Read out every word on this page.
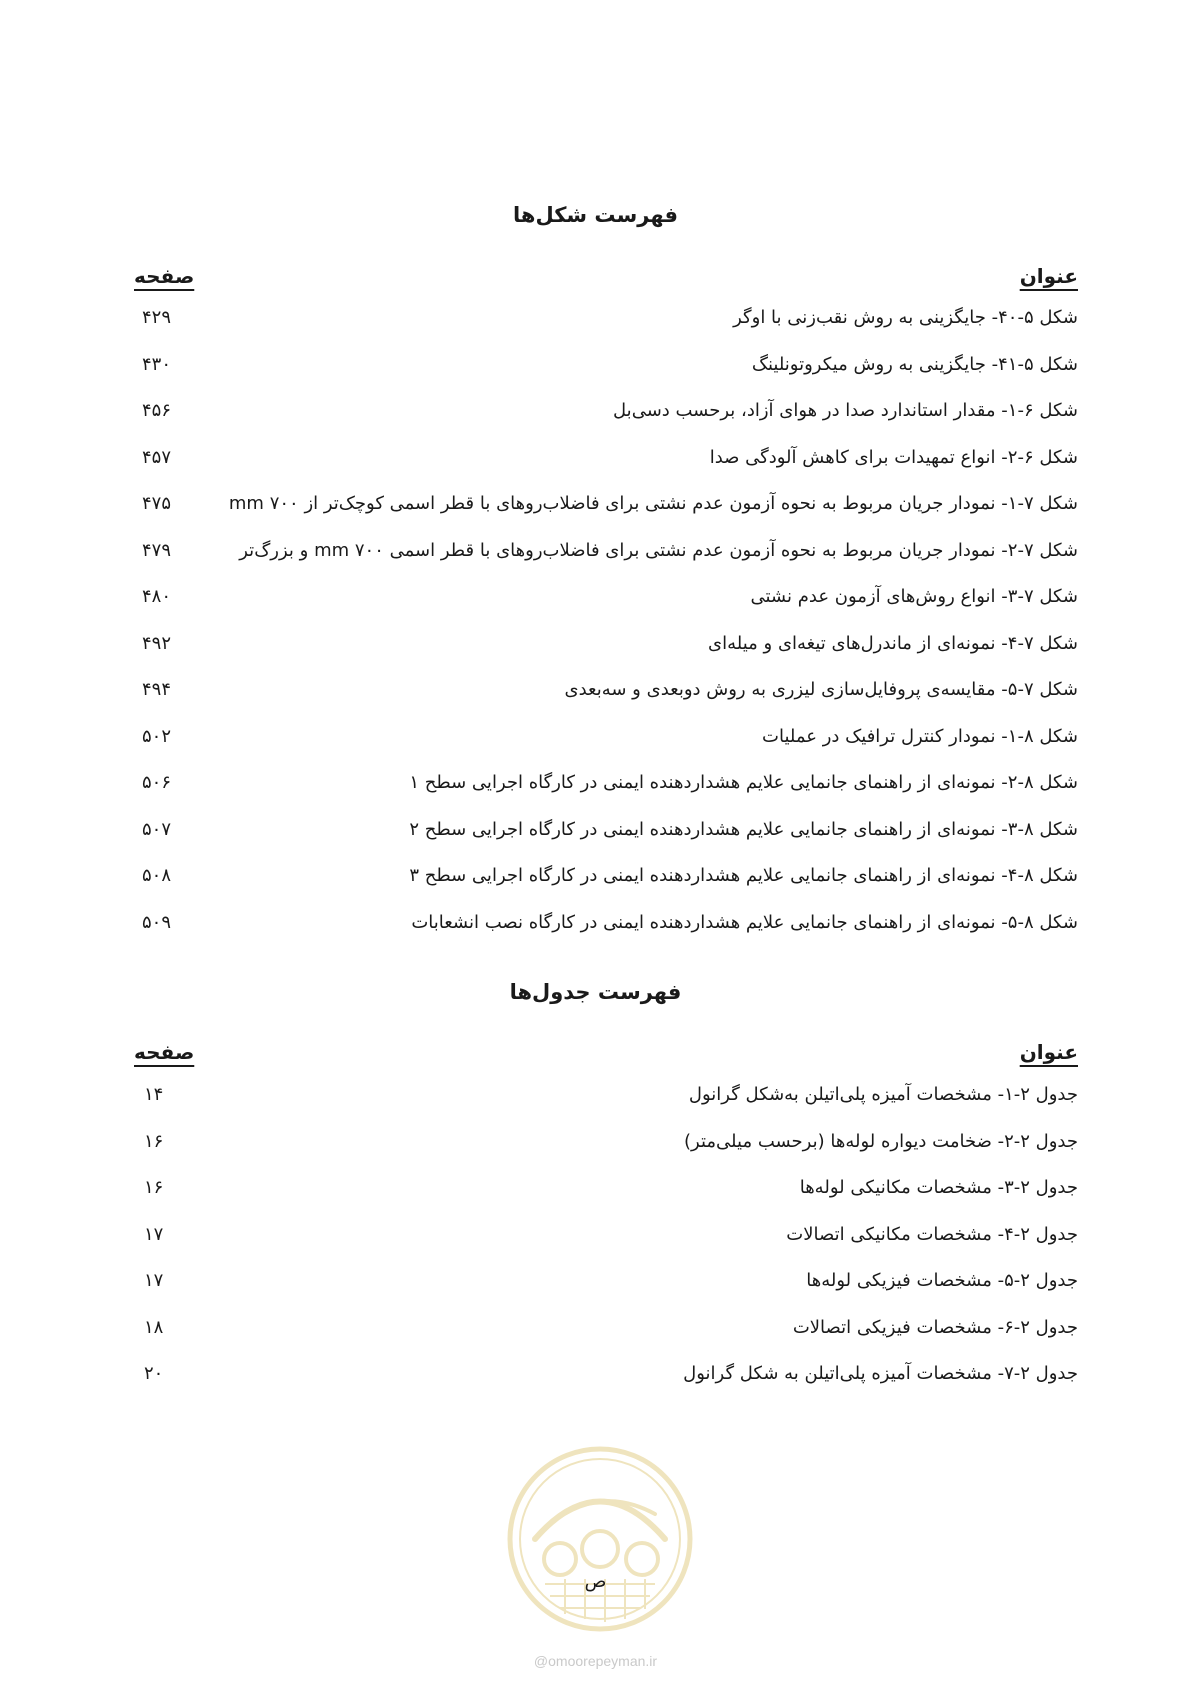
فهرست شکل‌ها
عنوان
صفحه
شکل ۵-۴۰- جایگزینی به روش نقب‌زنی با اوگر
۴۲۹
شکل ۵-۴۱- جایگزینی به روش میکروتونلینگ
۴۳۰
شکل ۶-۱- مقدار استاندارد صدا در هوای آزاد، برحسب دسی‌بل
۴۵۶
شکل ۶-۲- انواع تمهیدات برای کاهش آلودگی صدا
۴۵۷
شکل ۷-۱- نمودار جریان مربوط به نحوه آزمون عدم نشتی برای فاضلاب‌روهای با قطر اسمی کوچک‌تر از ۷۰۰ mm
۴۷۵
شکل ۷-۲- نمودار جریان مربوط به نحوه آزمون عدم نشتی برای فاضلاب‌روهای با قطر اسمی ۷۰۰ mm و بزرگ‌تر
۴۷۹
شکل ۷-۳- انواع روش‌های آزمون عدم نشتی
۴۸۰
شکل ۷-۴- نمونه‌ای از ماندرل‌های تیغه‌ای و میله‌ای
۴۹۲
شکل ۷-۵- مقایسه‌ی پروفایل‌سازی لیزری به روش دوبعدی و سه‌بعدی
۴۹۴
شکل ۸-۱- نمودار کنترل ترافیک در عملیات
۵۰۲
شکل ۸-۲- نمونه‌ای از راهنمای جانمایی علایم هشداردهنده ایمنی در کارگاه اجرایی سطح ۱
۵۰۶
شکل ۸-۳- نمونه‌ای از راهنمای جانمایی علایم هشداردهنده ایمنی در کارگاه اجرایی سطح ۲
۵۰۷
شکل ۸-۴- نمونه‌ای از راهنمای جانمایی علایم هشداردهنده ایمنی در کارگاه اجرایی سطح ۳
۵۰۸
شکل ۸-۵- نمونه‌ای از راهنمای جانمایی علایم هشداردهنده ایمنی در کارگاه نصب انشعابات
۵۰۹
فهرست جدول‌ها
عنوان
صفحه
جدول ۲-۱- مشخصات آمیزه پلی‌اتیلن به‌شکل گرانول
۱۴
جدول ۲-۲- ضخامت دیواره لوله‌ها (برحسب میلی‌متر)
۱۶
جدول ۲-۳- مشخصات مکانیکی لوله‌ها
۱۶
جدول ۲-۴- مشخصات مکانیکی اتصالات
۱۷
جدول ۲-۵- مشخصات فیزیکی لوله‌ها
۱۷
جدول ۲-۶- مشخصات فیزیکی اتصالات
۱۸
جدول ۲-۷- مشخصات آمیزه پلی‌اتیلن به شکل گرانول
۲۰
ص
@omoorepeyman.ir
